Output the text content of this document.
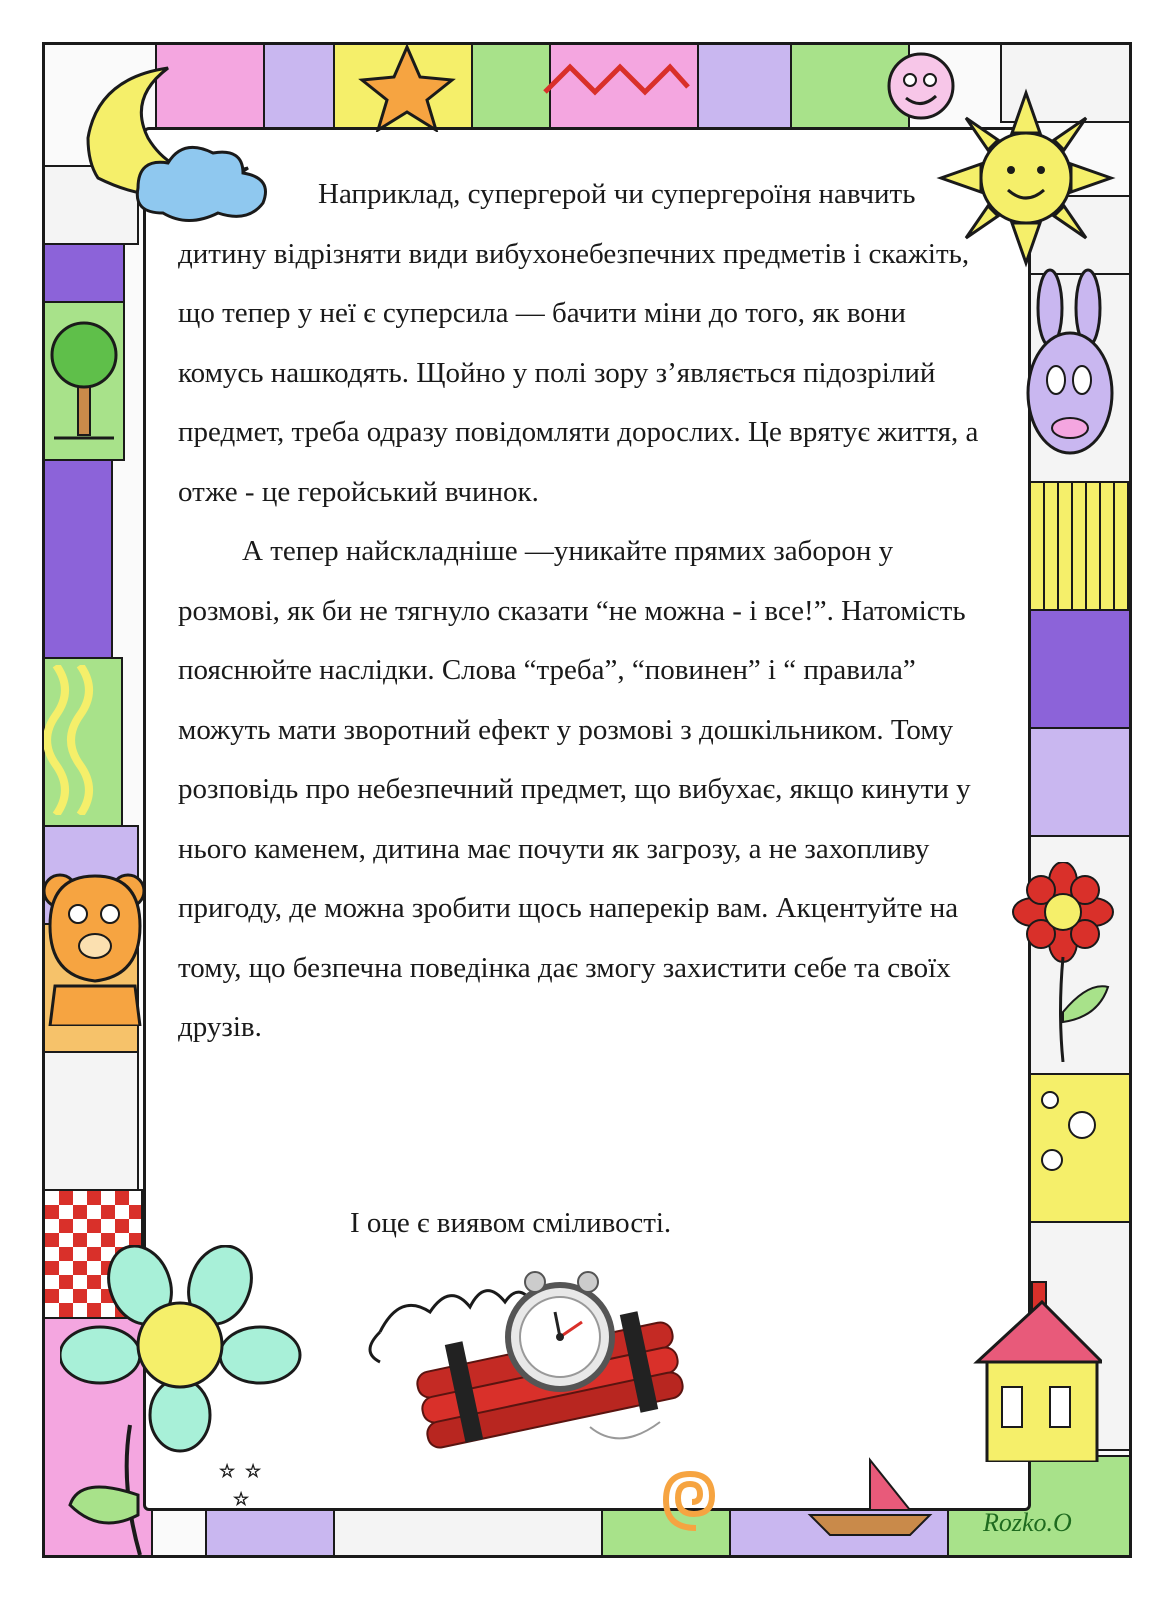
☆ ☆
☆

Наприклад, супергерой чи супергероїня навчить дитину відрізняти види вибухонебезпечних предметів і скажіть, що тепер у неї є суперсила — бачити міни до того, як вони комусь нашкодять. Щойно у полі зору з’являється підозрілий предмет, треба одразу повідомляти дорослих. Це врятує життя, а отже - це геройський вчинок.

А тепер найскладніше —уникайте прямих заборон у розмові, як би не тягнуло сказати “не можна - і все!”. Натомість пояснюйте наслідки. Слова “треба”, “повинен” і “ правила” можуть мати зворотний ефект у розмові з дошкільником. Тому розповідь про небезпечний предмет, що вибухає, якщо кинути у нього каменем, дитина має почути як загрозу, а не захопливу пригоду, де можна зробити щось наперекір вам. Акцентуйте на тому, що безпечна поведінка дає змогу захистити себе та своїх друзів.

І оце є виявом сміливості.
Rozko.O
